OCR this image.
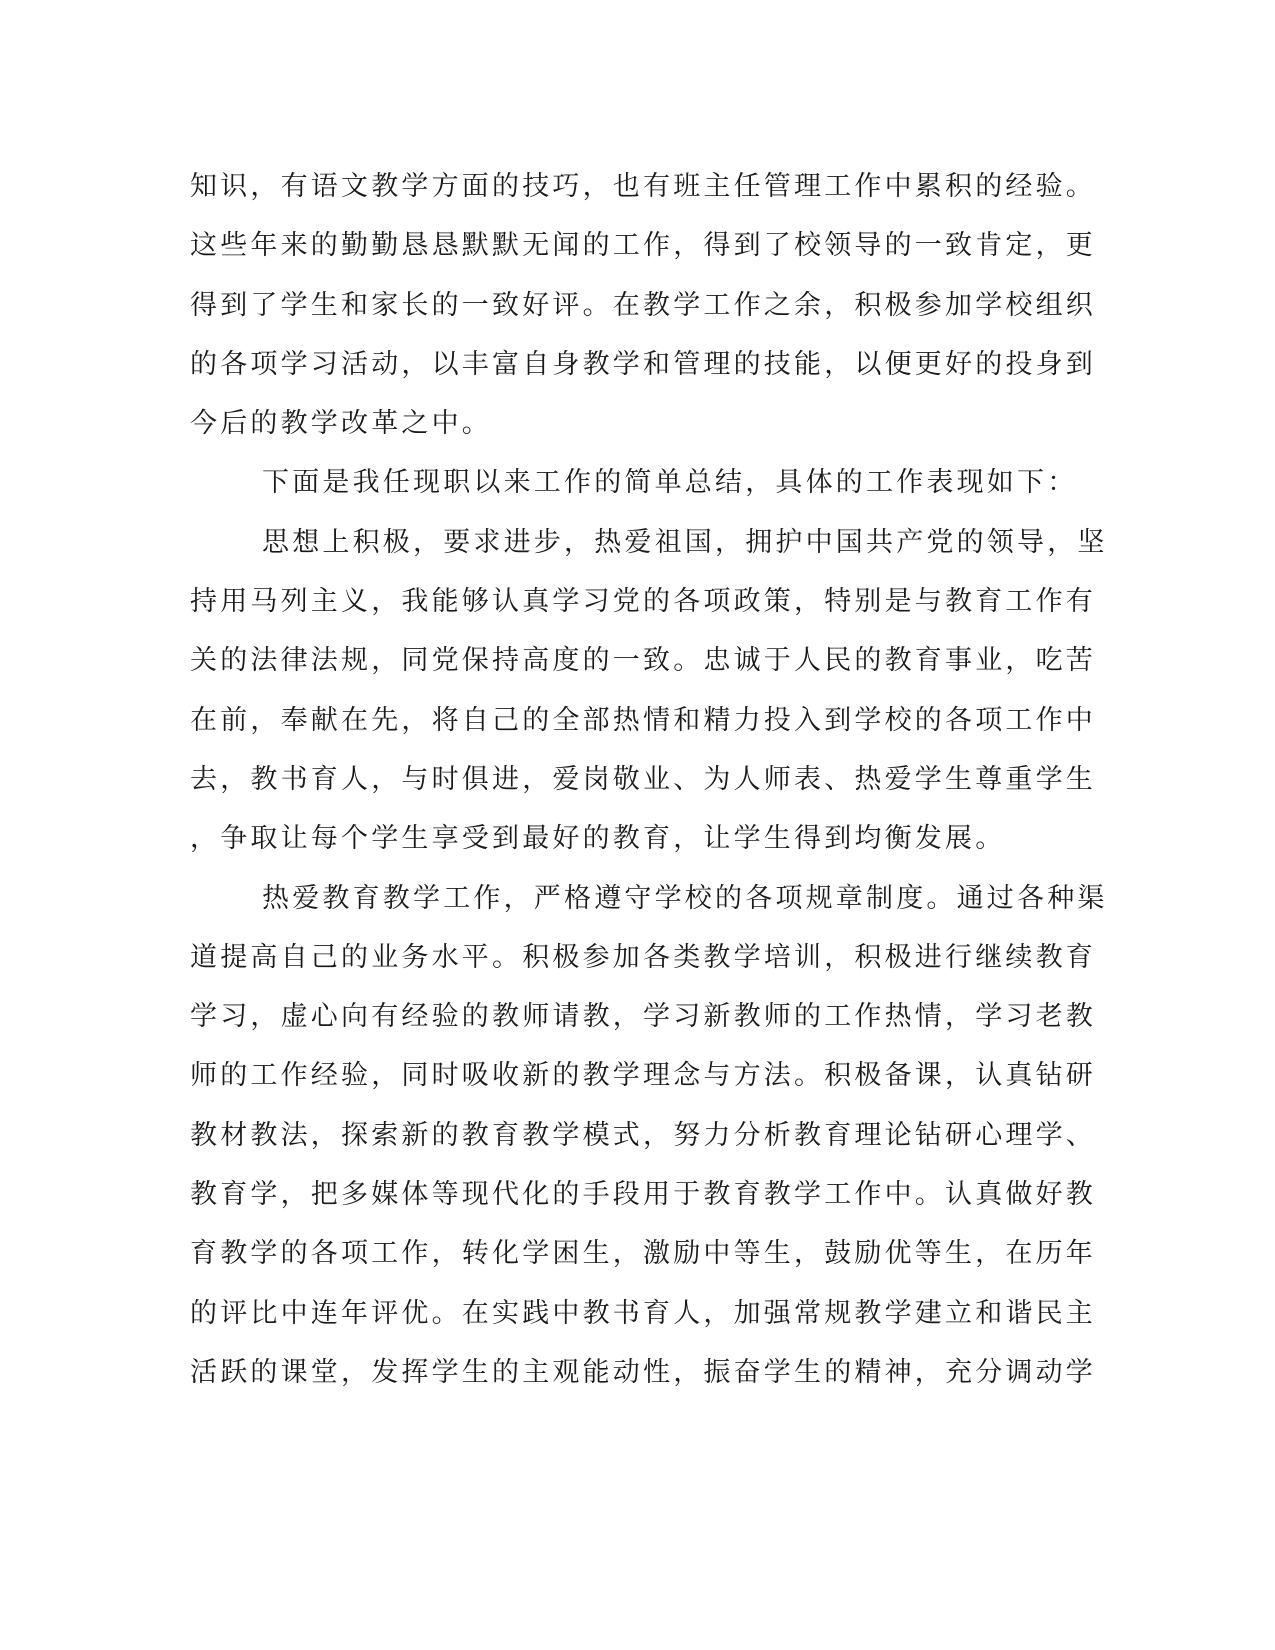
知识，有语文教学方面的技巧，也有班主任管理工作中累积的经验。
这些年来的勤勤恳恳默默无闻的工作，得到了校领导的一致肯定，更
得到了学生和家长的一致好评。在教学工作之余，积极参加学校组织
的各项学习活动，以丰富自身教学和管理的技能，以便更好的投身到
今后的教学改革之中。
下面是我任现职以来工作的简单总结，具体的工作表现如下：
思想上积极，要求进步，热爱祖国，拥护中国共产党的领导，坚
持用马列主义，我能够认真学习党的各项政策，特别是与教育工作有
关的法律法规，同党保持高度的一致。忠诚于人民的教育事业，吃苦
在前，奉献在先，将自己的全部热情和精力投入到学校的各项工作中
去，教书育人，与时俱进，爱岗敬业、为人师表、热爱学生尊重学生
，争取让每个学生享受到最好的教育，让学生得到均衡发展。
热爱教育教学工作，严格遵守学校的各项规章制度。通过各种渠
道提高自己的业务水平。积极参加各类教学培训，积极进行继续教育
学习，虚心向有经验的教师请教，学习新教师的工作热情，学习老教
师的工作经验，同时吸收新的教学理念与方法。积极备课，认真钻研
教材教法，探索新的教育教学模式，努力分析教育理论钻研心理学、
教育学，把多媒体等现代化的手段用于教育教学工作中。认真做好教
育教学的各项工作，转化学困生，激励中等生，鼓励优等生，在历年
的评比中连年评优。在实践中教书育人，加强常规教学建立和谐民主
活跃的课堂，发挥学生的主观能动性，振奋学生的精神，充分调动学
